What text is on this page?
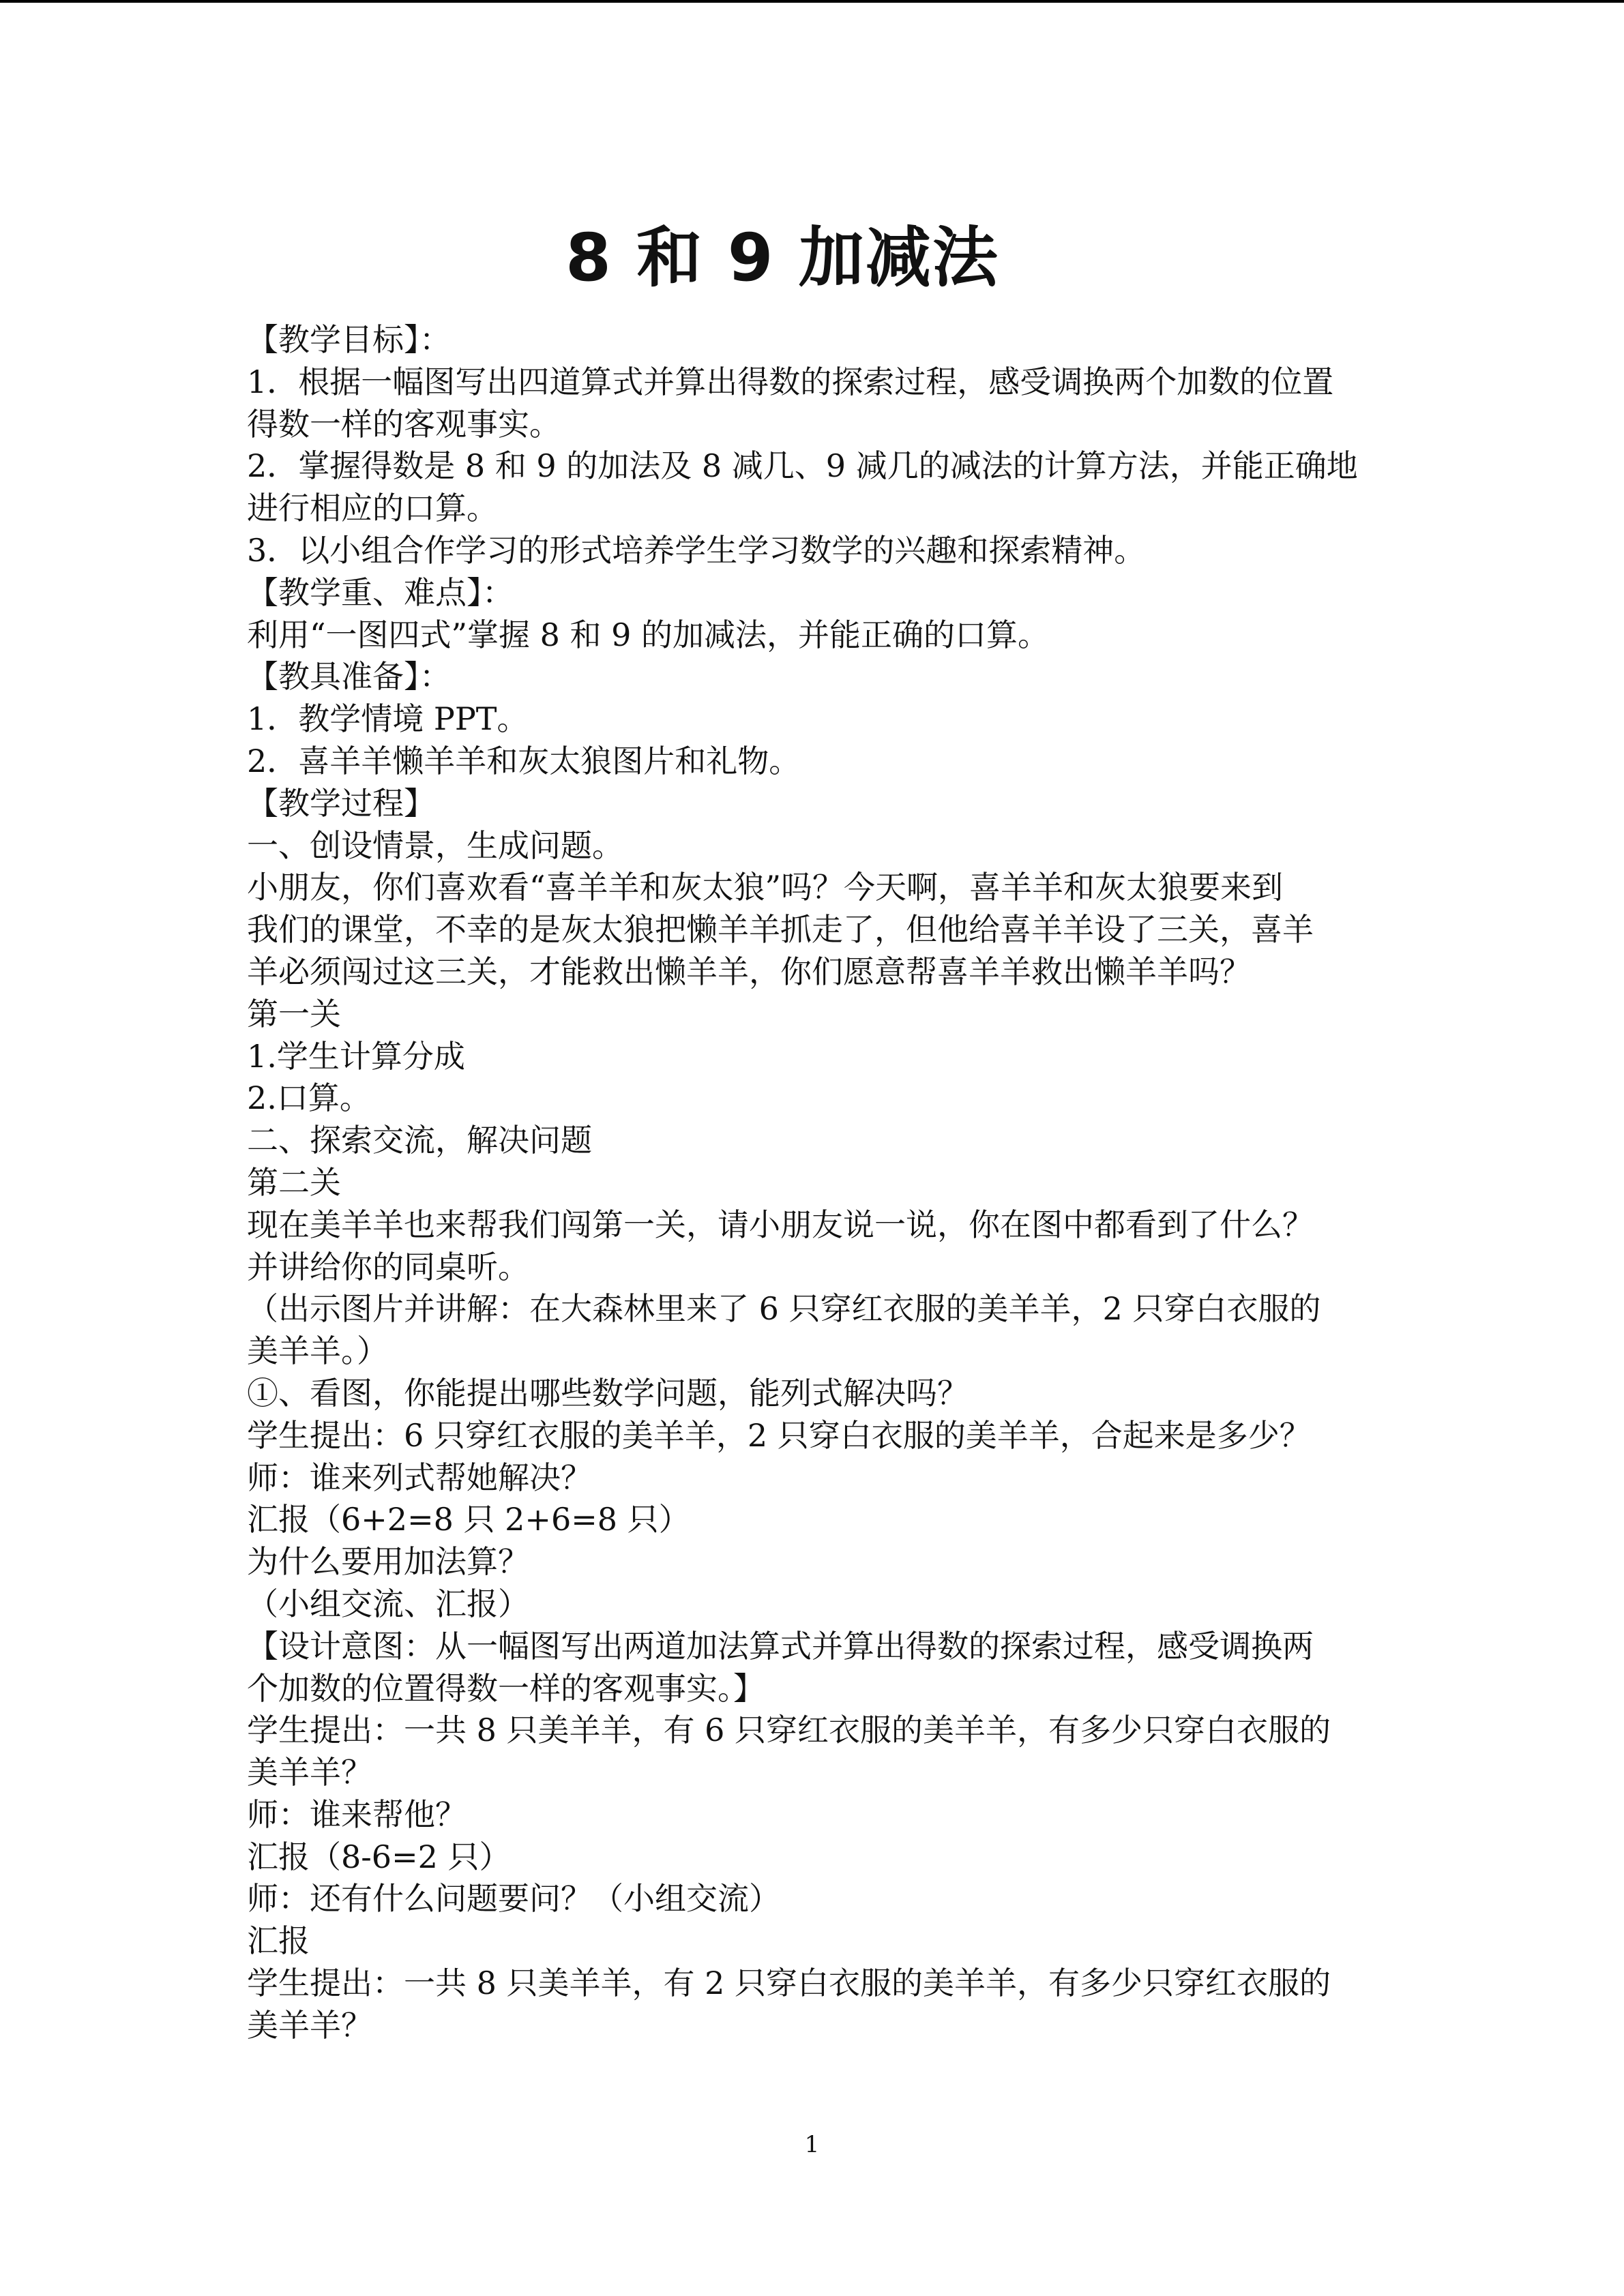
8 和 9 加减法
【教学目标】：
1．根据一幅图写出四道算式并算出得数的探索过程，感受调换两个加数的位置
得数一样的客观事实。
2．掌握得数是 8 和 9 的加法及 8 减几、9 减几的减法的计算方法，并能正确地
进行相应的口算。
3．以小组合作学习的形式培养学生学习数学的兴趣和探索精神。
【教学重、难点】：
利用“一图四式”掌握 8 和 9 的加减法，并能正确的口算。
【教具准备】：
1．教学情境 PPT。
2．喜羊羊懒羊羊和灰太狼图片和礼物。
【教学过程】
一、创设情景，生成问题。
小朋友，你们喜欢看“喜羊羊和灰太狼”吗？今天啊，喜羊羊和灰太狼要来到
我们的课堂，不幸的是灰太狼把懒羊羊抓走了，但他给喜羊羊设了三关，喜羊
羊必须闯过这三关，才能救出懒羊羊，你们愿意帮喜羊羊救出懒羊羊吗？
第一关
1.学生计算分成
2.口算。
二、探索交流，解决问题
第二关
现在美羊羊也来帮我们闯第一关，请小朋友说一说，你在图中都看到了什么？
并讲给你的同桌听。
（出示图片并讲解：在大森林里来了 6 只穿红衣服的美羊羊，2 只穿白衣服的
美羊羊。）
①、看图，你能提出哪些数学问题，能列式解决吗？
学生提出：6 只穿红衣服的美羊羊，2 只穿白衣服的美羊羊，合起来是多少？
师：谁来列式帮她解决？
汇报（6+2=8 只 2+6=8 只）
为什么要用加法算？
（小组交流、汇报）
【设计意图：从一幅图写出两道加法算式并算出得数的探索过程，感受调换两
个加数的位置得数一样的客观事实。】
学生提出：一共 8 只美羊羊，有 6 只穿红衣服的美羊羊，有多少只穿白衣服的
美羊羊？
师：谁来帮他？
汇报（8-6=2 只）
师：还有什么问题要问？（小组交流）
汇报
学生提出：一共 8 只美羊羊，有 2 只穿白衣服的美羊羊，有多少只穿红衣服的
美羊羊？
1
